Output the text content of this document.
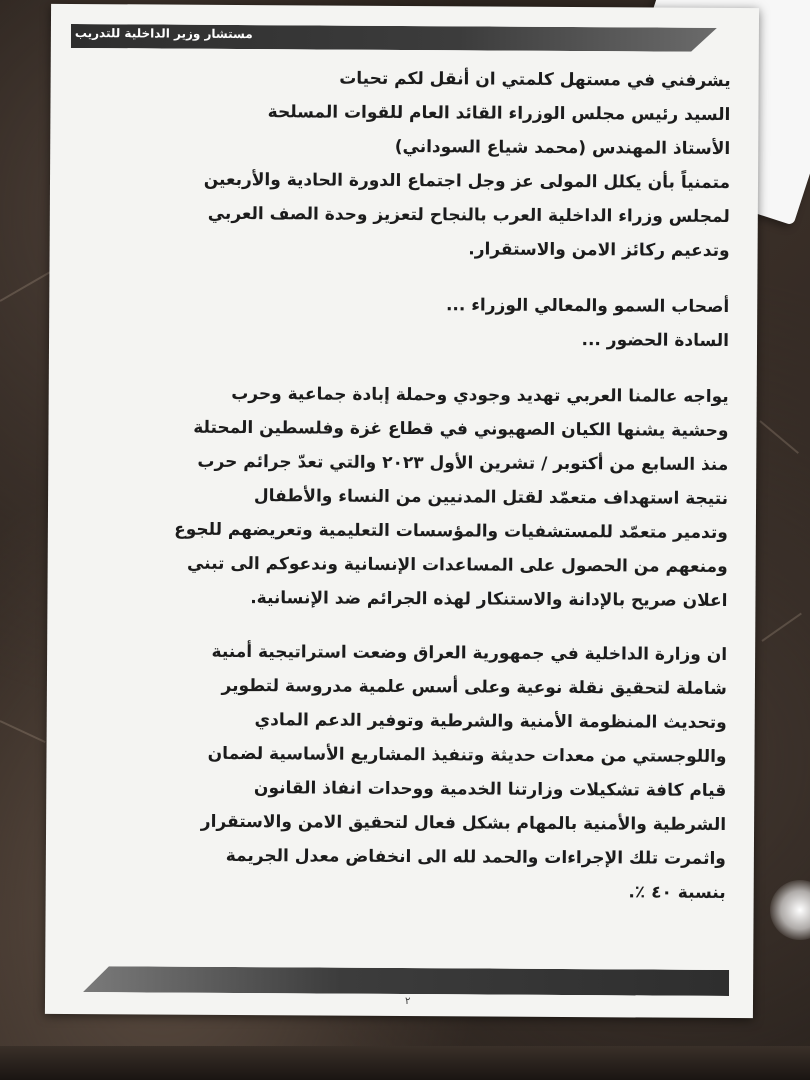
مستشار وزير الداخلية للتدريب
يشرفني في مستهل كلمتي ان أنقل لكم تحيات
السيد رئيس مجلس الوزراء القائد العام للقوات المسلحة
الأستاذ المهندس (محمد شياع السوداني)
متمنياً بأن يكلل المولى عز وجل اجتماع الدورة الحادية والأربعين
لمجلس وزراء الداخلية العرب بالنجاح لتعزيز وحدة الصف العربي
وتدعيم ركائز الامن والاستقرار.
أصحاب السمو والمعالي الوزراء ...
السادة الحضور ...
يواجه عالمنا العربي تهديد وجودي وحملة إبادة جماعية وحرب
وحشية يشنها الكيان الصهيوني في قطاع غزة وفلسطين المحتلة
منذ السابع من أكتوبر / تشرين الأول ٢٠٢٣ والتي تعدّ جرائم حرب
نتيجة استهداف متعمّد لقتل المدنيين من النساء والأطفال
وتدمير متعمّد للمستشفيات والمؤسسات التعليمية وتعريضهم للجوع
ومنعهم من الحصول على المساعدات الإنسانية وندعوكم الى تبني
اعلان صريح بالإدانة والاستنكار لهذه الجرائم ضد الإنسانية.
ان وزارة الداخلية في جمهورية العراق وضعت استراتيجية أمنية
شاملة لتحقيق نقلة نوعية وعلى أسس علمية مدروسة لتطوير
وتحديث المنظومة الأمنية والشرطية وتوفير الدعم المادي
واللوجستي من معدات حديثة وتنفيذ المشاريع الأساسية لضمان
قيام كافة تشكيلات وزارتنا الخدمية ووحدات انفاذ القانون
الشرطية والأمنية بالمهام بشكل فعال لتحقيق الامن والاستقرار
واثمرت تلك الإجراءات والحمد لله الى انخفاض معدل الجريمة
بنسبة ٤٠ ٪.
٢
